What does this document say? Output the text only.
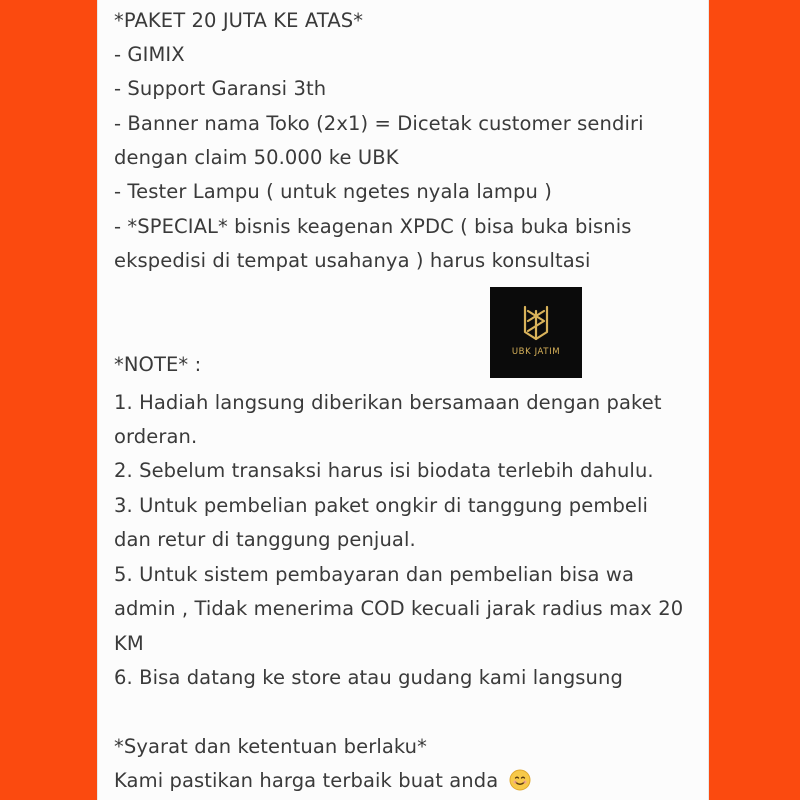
*PAKET 20 JUTA KE ATAS*
- GIMIX
- Support Garansi 3th
- Banner nama Toko (2x1) = Dicetak customer sendiri
dengan claim 50.000 ke UBK
- Tester Lampu ( untuk ngetes nyala lampu )
- *SPECIAL* bisnis keagenan XPDC ( bisa buka bisnis
ekspedisi di tempat usahanya ) harus konsultasi
UBK JATIM
*NOTE* :
1. Hadiah langsung diberikan bersamaan dengan paket
orderan.
2. Sebelum transaksi harus isi biodata terlebih dahulu.
3. Untuk pembelian paket ongkir di tanggung pembeli
dan retur di tanggung penjual.
5. Untuk sistem pembayaran dan pembelian bisa wa
admin , Tidak menerima COD kecuali jarak radius max 20
KM
6. Bisa datang ke store atau gudang kami langsung
*Syarat dan ketentuan berlaku*
Kami pastikan harga terbaik buat anda
